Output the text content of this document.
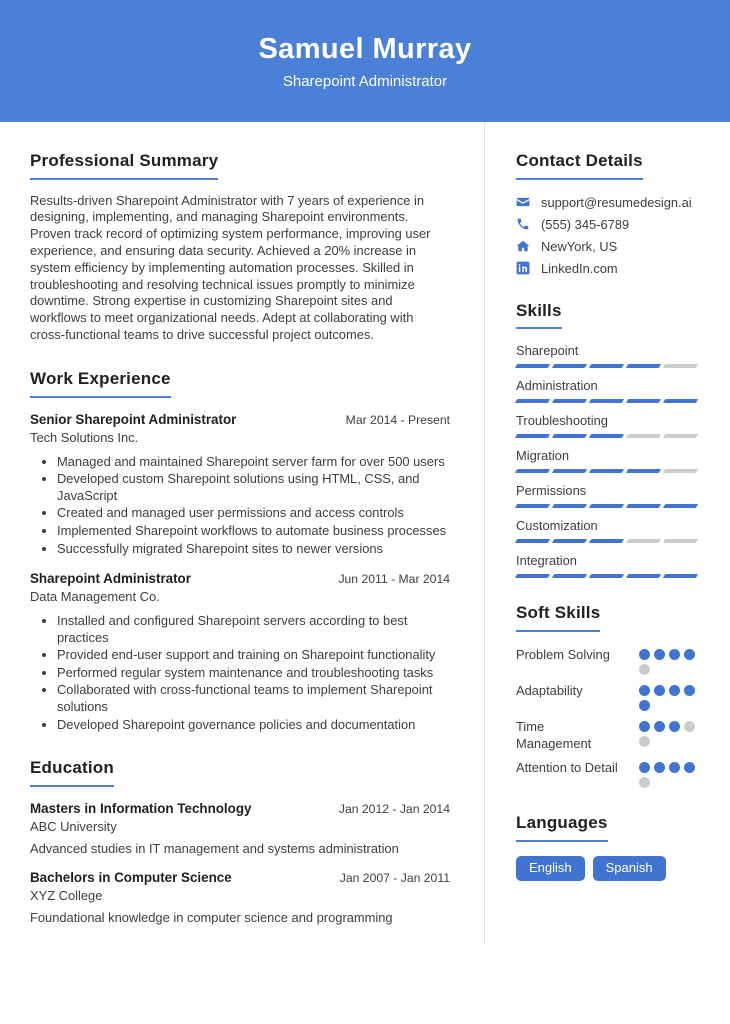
Samuel Murray
Sharepoint Administrator
Professional Summary

Results-driven Sharepoint Administrator with 7 years of experience in designing, implementing, and managing Sharepoint environments. Proven track record of optimizing system performance, improving user experience, and ensuring data security. Achieved a 20% increase in system efficiency by implementing automation processes. Skilled in troubleshooting and resolving technical issues promptly to minimize downtime. Strong expertise in customizing Sharepoint sites and workflows to meet organizational needs. Adept at collaborating with cross-functional teams to drive successful project outcomes.

Work Experience
Senior Sharepoint Administrator	Mar 2014 - Present
Tech Solutions Inc.
• Managed and maintained Sharepoint server farm for over 500 users
• Developed custom Sharepoint solutions using HTML, CSS, and JavaScript
• Created and managed user permissions and access controls
• Implemented Sharepoint workflows to automate business processes
• Successfully migrated Sharepoint sites to newer versions
Sharepoint Administrator	Jun 2011 - Mar 2014
Data Management Co.
• Installed and configured Sharepoint servers according to best practices
• Provided end-user support and training on Sharepoint functionality
• Performed regular system maintenance and troubleshooting tasks
• Collaborated with cross-functional teams to implement Sharepoint solutions
• Developed Sharepoint governance policies and documentation
Education
Masters in Information Technology	Jan 2012 - Jan 2014
ABC University
Advanced studies in IT management and systems administration
Bachelors in Computer Science	Jan 2007 - Jan 2011
XYZ College
Foundational knowledge in computer science and programming
Contact Details
support@resumedesign.ai
(555) 345-6789
NewYork, US
LinkedIn.com
Skills
Sharepoint
Administration
Troubleshooting
Migration
Permissions
Customization
Integration
Soft Skills
Problem Solving
Adaptability
Time Management
Attention to Detail
Languages
English	Spanish
